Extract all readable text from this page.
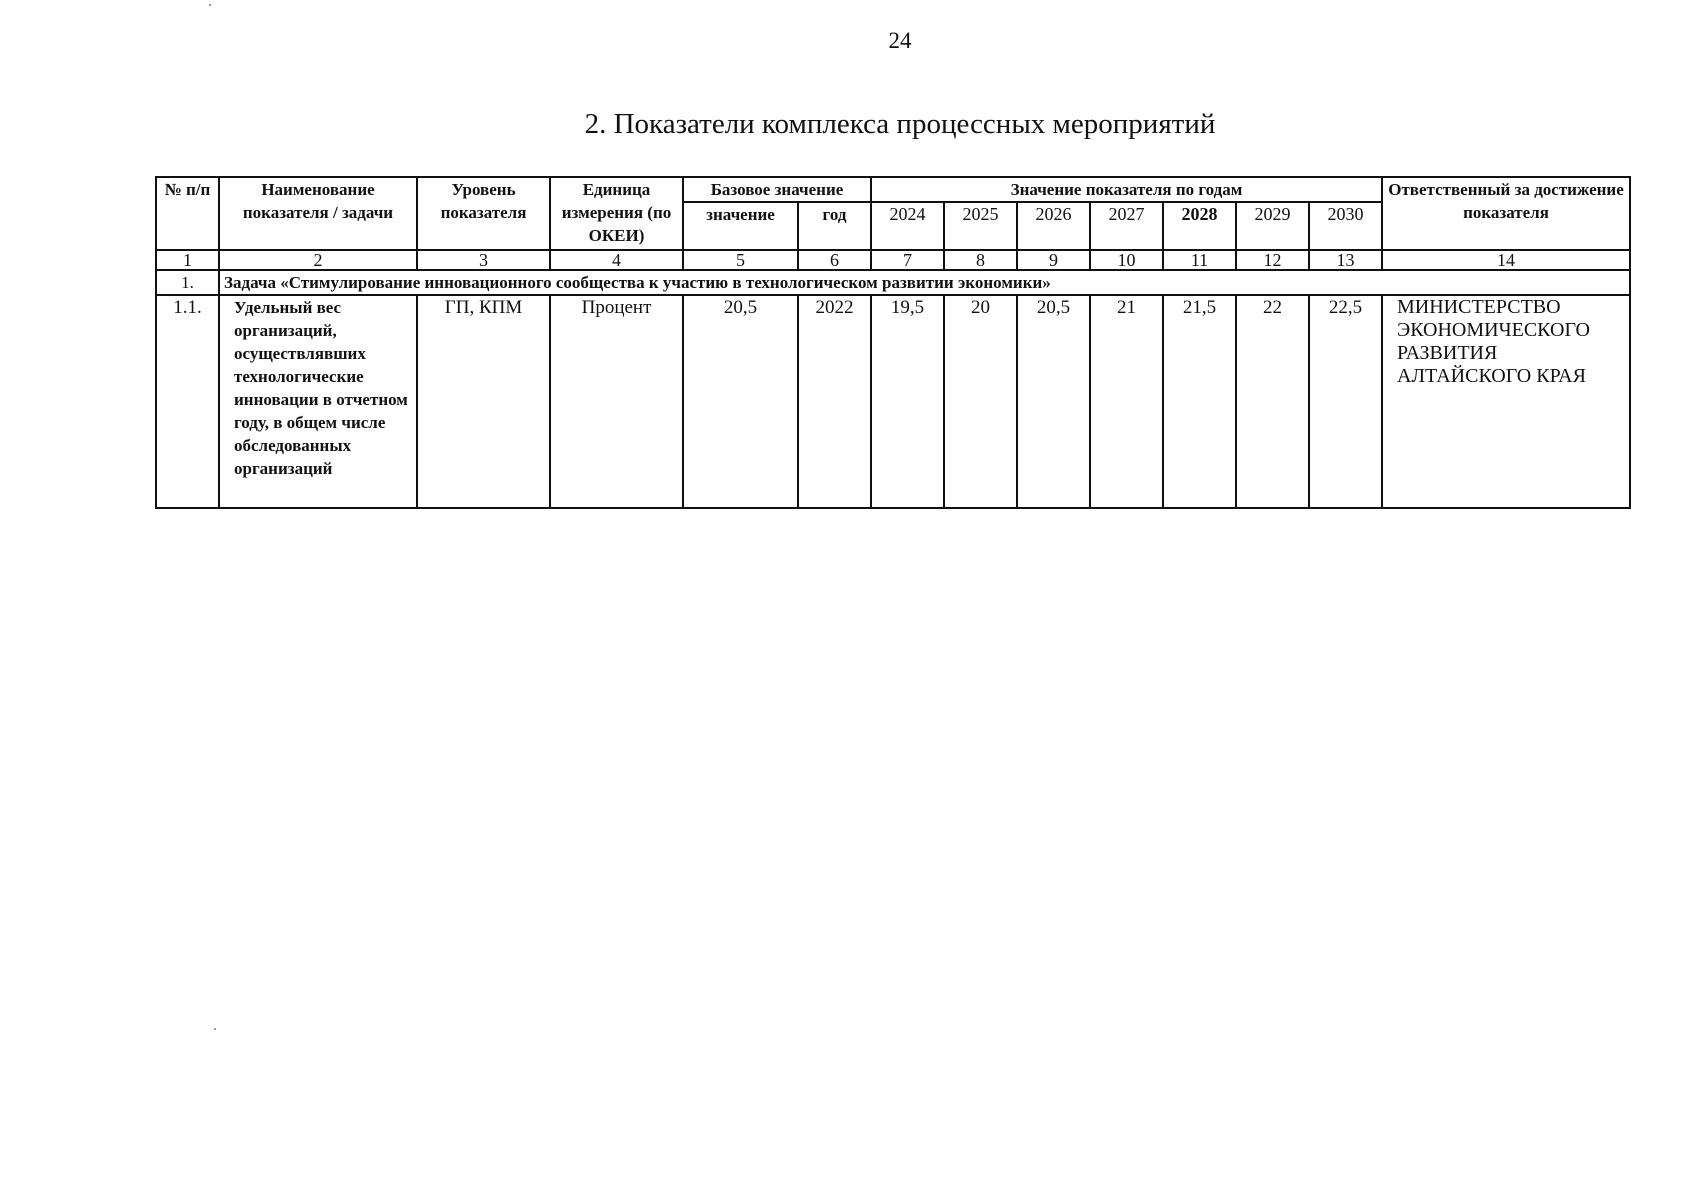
24
2. Показатели комплекса процессных мероприятий
№ п/п	Наименование показателя / задачи	Уровень показателя	Единица измерения (по ОКЕИ)	Базовое значение		Значение показателя по годам							Ответственный за достижение показателя
				значение	год	2024	2025	2026	2027	2028	2029	2030	
1	2	3	4	5	6	7	8	9	10	11	12	13	14
1.	Задача «Стимулирование инновационного сообщества к участию в технологическом развитии экономики»												
1.1.	Удельный вес организаций, осуществлявших технологические инновации в отчетном году, в общем числе обследованных организаций	ГП, КПМ	Процент	20,5	2022	19,5	20	20,5	21	21,5	22	22,5	МИНИСТЕРСТВО ЭКОНОМИЧЕСКОГО РАЗВИТИЯ АЛТАЙСКОГО КРАЯ
